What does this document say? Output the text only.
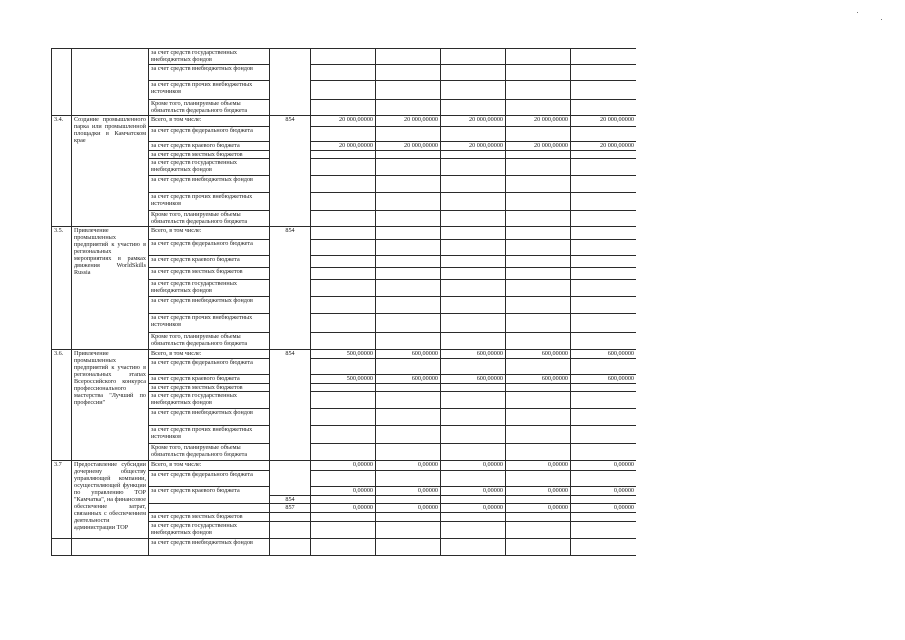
		за счет средств государственных внебюджетных фондов						
		за счет средств внебюджетных фондов						
		за счет средств прочих внебюджетных источников						
		Кроме того, планируемые объемы обязательств федерального бюджета						
3.4.	Создание промышленного парка или промышленной площадки в Камчатском крае	Всего, в том числе:	854	20 000,00000	20 000,00000	20 000,00000	20 000,00000	20 000,00000
		за счет средств федерального бюджета						
		за счет средств краевого бюджета		20 000,00000	20 000,00000	20 000,00000	20 000,00000	20 000,00000
		за счет средств местных бюджетов						
		за счет средств государственных внебюджетных фондов						
		за счет средств внебюджетных фондов						
		за счет средств прочих внебюджетных источников						
		Кроме того, планируемые объемы обязательств федерального бюджета						
3.5.	Привлечение промышленных предприятий к участию в региональных мероприятиях в рамках движения WorldSkills Russia	Всего, в том числе:	854					
		за счет средств федерального бюджета						
		за счет средств краевого бюджета						
		за счет средств местных бюджетов						
		за счет средств государственных внебюджетных фондов						
		за счет средств внебюджетных фондов						
		за счет средств прочих внебюджетных источников						
		Кроме того, планируемые объемы обязательств федерального бюджета						
3.6.	Привлечение промышленных предприятий к участию в региональных этапах Всероссийского конкурса профессионального мастерства "Лучший по профессии"	Всего, в том числе:	854	500,00000	600,00000	600,00000	600,00000	600,00000
		за счет средств федерального бюджета						
		за счет средств краевого бюджета		500,00000	600,00000	600,00000	600,00000	600,00000
		за счет средств местных бюджетов						
		за счет средств государственных внебюджетных фондов						
		за счет средств внебюджетных фондов						
		за счет средств прочих внебюджетных источников						
		Кроме того, планируемые объемы обязательств федерального бюджета						
3.7	Предоставление субсидии дочернему обществу управляющей компании, осуществляющей функции по управлению ТОР "Камчатка", на финансовое обеспечение затрат, связанных с обеспечением деятельности администрации ТОР	Всего, в том числе:		0,00000	0,00000	0,00000	0,00000	0,00000
		за счет средств федерального бюджета						
		за счет средств краевого бюджета		0,00000	0,00000	0,00000	0,00000	0,00000
			854					
			857	0,00000	0,00000	0,00000	0,00000	0,00000
		за счет средств местных бюджетов						
		за счет средств государственных внебюджетных фондов						
		за счет средств внебюджетных фондов						
